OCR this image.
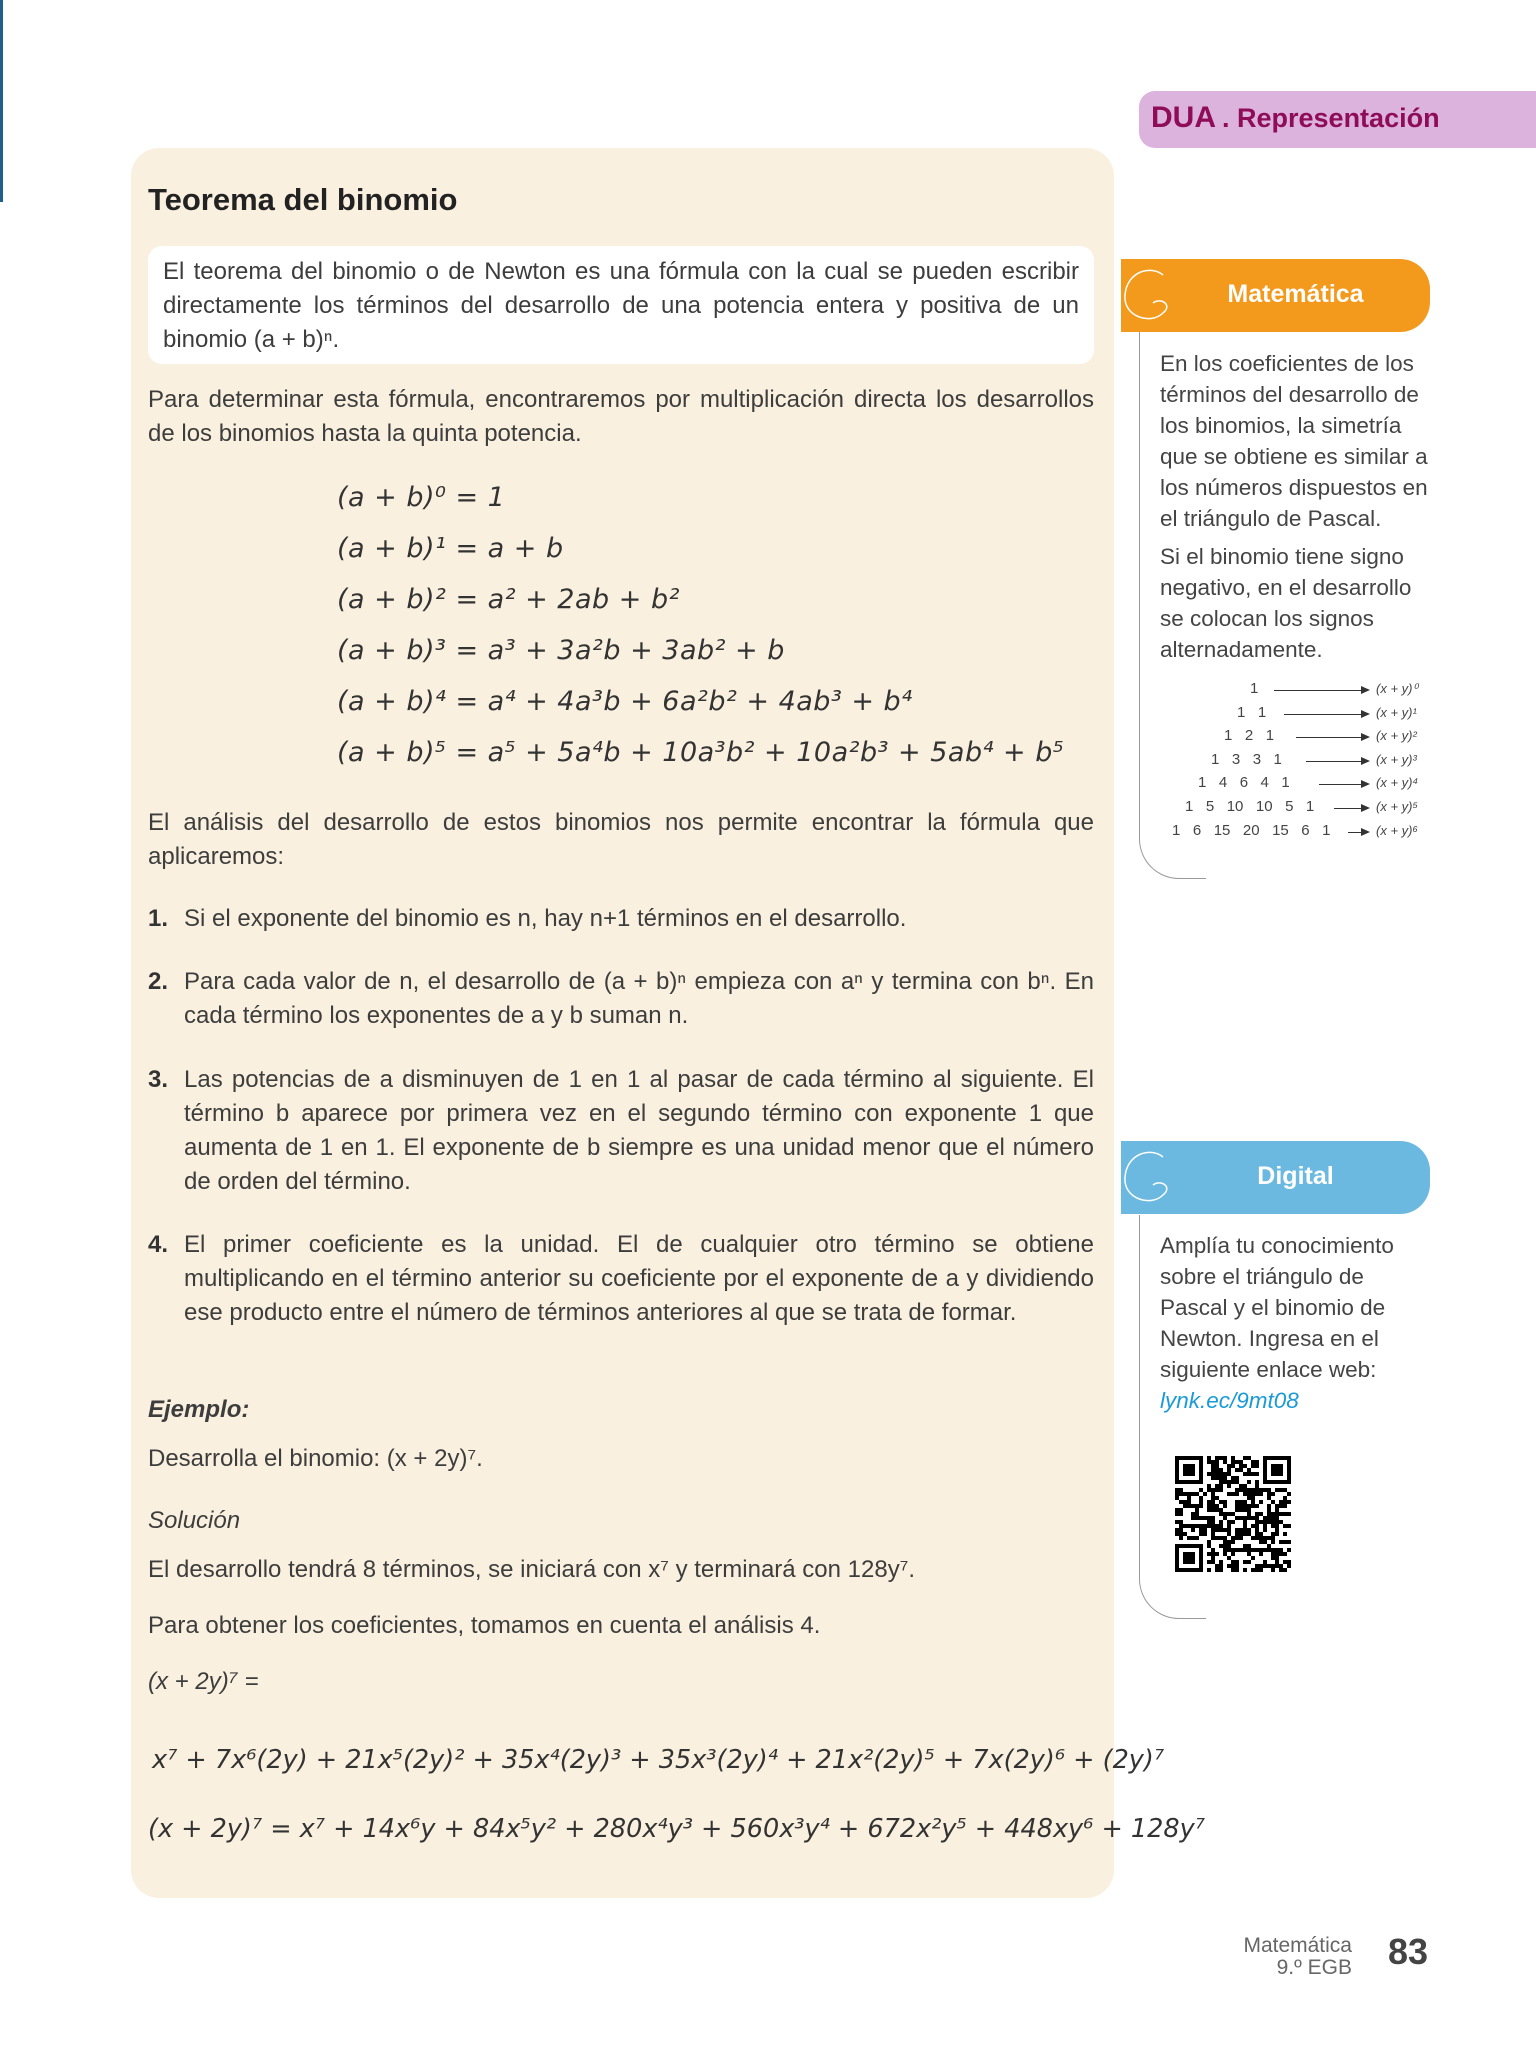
DUA . Representación
Teorema del binomio
El teorema del binomio o de Newton es una fórmula con la cual se pueden escribir directamente los términos del desarrollo de una potencia entera y positiva de un binomio (a + b)ⁿ.
Para determinar esta fórmula, encontraremos por multiplicación directa los desarrollos de los binomios hasta la quinta potencia.
(a + b)⁰ = 1
(a + b)¹ = a + b
(a + b)² = a² + 2ab + b²
(a + b)³ = a³ + 3a²b + 3ab² + b
(a + b)⁴ = a⁴ + 4a³b + 6a²b² + 4ab³ + b⁴
(a + b)⁵ = a⁵ + 5a⁴b + 10a³b² + 10a²b³ + 5ab⁴ + b⁵
El análisis del desarrollo de estos binomios nos permite encontrar la fórmula que aplicaremos:
1. Si el exponente del binomio es n, hay n+1 términos en el desarrollo.
2. Para cada valor de n, el desarrollo de (a + b)ⁿ empieza con aⁿ y termina con bⁿ. En cada término los exponentes de a y b suman n.
3. Las potencias de a disminuyen de 1 en 1 al pasar de cada término al siguiente. El término b aparece por primera vez en el segundo término con exponente 1 que aumenta de 1 en 1. El exponente de b siempre es una unidad menor que el número de orden del término.
4. El primer coeficiente es la unidad. El de cualquier otro término se obtiene multiplicando en el término anterior su coeficiente por el exponente de a y dividiendo ese producto entre el número de términos anteriores al que se trata de formar.
Ejemplo:
Desarrolla el binomio: (x + 2y)⁷.
Solución
El desarrollo tendrá 8 términos, se iniciará con x⁷ y terminará con 128y⁷.
Para obtener los coeficientes, tomamos en cuenta el análisis 4.
(x + 2y)⁷ =
x⁷ + 7x⁶(2y) + 21x⁵(2y)² + 35x⁴(2y)³ + 35x³(2y)⁴ + 21x²(2y)⁵ + 7x(2y)⁶ + (2y)⁷
(x + 2y)⁷ = x⁷ + 14x⁶y + 84x⁵y² + 280x⁴y³ + 560x³y⁴ + 672x²y⁵ + 448xy⁶ + 128y⁷
Matemática
En los coeficientes de los términos del desarrollo de los binomios, la simetría que se obtiene es similar a los números dispuestos en el triángulo de Pascal.
Si el binomio tiene signo negativo, en el desarrollo se colocan los signos alternadamente.
1	(x + y)⁰
1   1	(x + y)¹
1   2   1	(x + y)²
1   3   3   1	(x + y)³
1   4   6   4   1	(x + y)⁴
1   5   10   10   5   1	(x + y)⁵
1   6   15   20   15   6   1	(x + y)⁶
Digital
Amplía tu conocimiento sobre el triángulo de Pascal y el binomio de Newton. Ingresa en el siguiente enlace web:
lynk.ec/9mt08
Matemática
9.º EGB 83
